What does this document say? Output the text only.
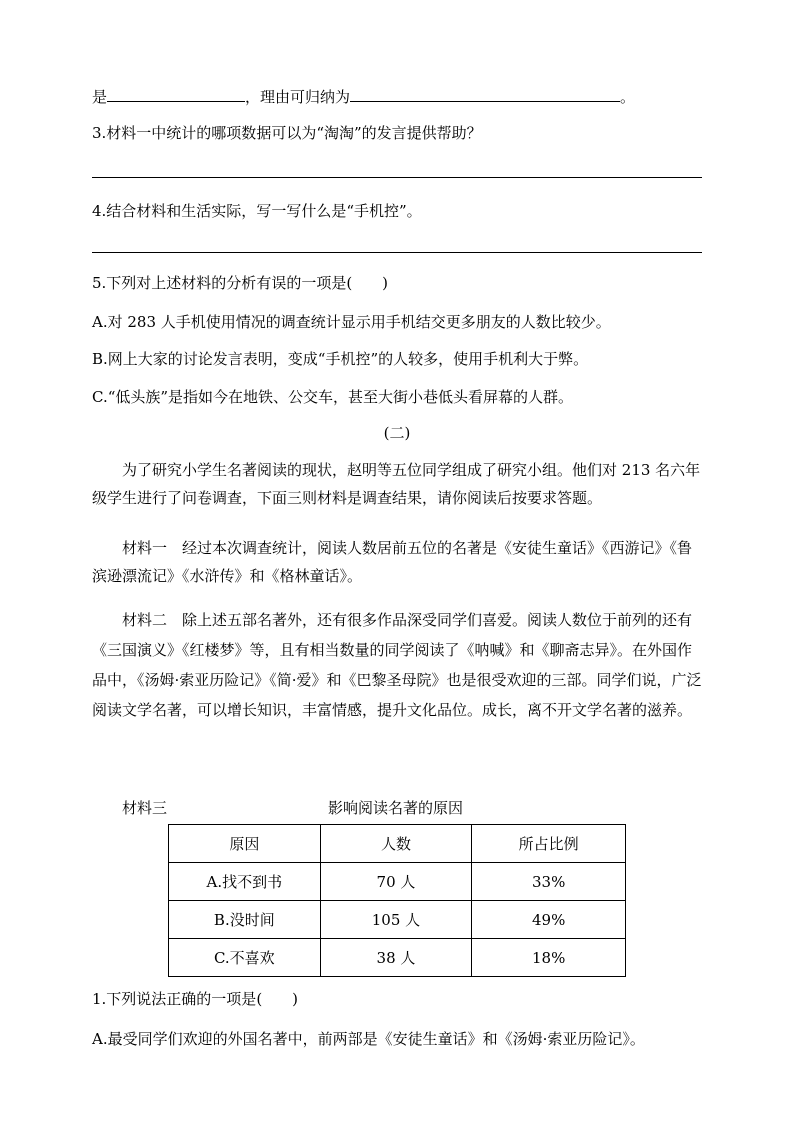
是	，理由可归纳为	。
3.材料一中统计的哪项数据可以为“淘淘”的发言提供帮助？
4.结合材料和生活实际，写一写什么是“手机控”。
5.下列对上述材料的分析有误的一项是(　　)
A.对 283 人手机使用情况的调查统计显示用手机结交更多朋友的人数比较少。
B.网上大家的讨论发言表明，变成“手机控”的人较多，使用手机利大于弊。
C.“低头族”是指如今在地铁、公交车，甚至大街小巷低头看屏幕的人群。
(二)
为了研究小学生名著阅读的现状，赵明等五位同学组成了研究小组。他们对 213 名六年级学生进行了问卷调查，下面三则材料是调查结果，请你阅读后按要求答题。
材料一　经过本次调查统计，阅读人数居前五位的名著是《安徒生童话》《西游记》《鲁滨逊漂流记》《水浒传》和《格林童话》。
材料二　除上述五部名著外，还有很多作品深受同学们喜爱。阅读人数位于前列的还有《三国演义》《红楼梦》等，且有相当数量的同学阅读了《呐喊》和《聊斋志异》。在外国作品中，《汤姆·索亚历险记》《简·爱》和《巴黎圣母院》也是很受欢迎的三部。同学们说，广泛阅读文学名著，可以增长知识，丰富情感，提升文化品位。成长，离不开文学名著的滋养。
材料三	影响阅读名著的原因
原因	人数	所占比例
A.找不到书	70 人	33%
B.没时间	105 人	49%
C.不喜欢	38 人	18%
1.下列说法正确的一项是(　　)
A.最受同学们欢迎的外国名著中，前两部是《安徒生童话》和《汤姆·索亚历险记》。
